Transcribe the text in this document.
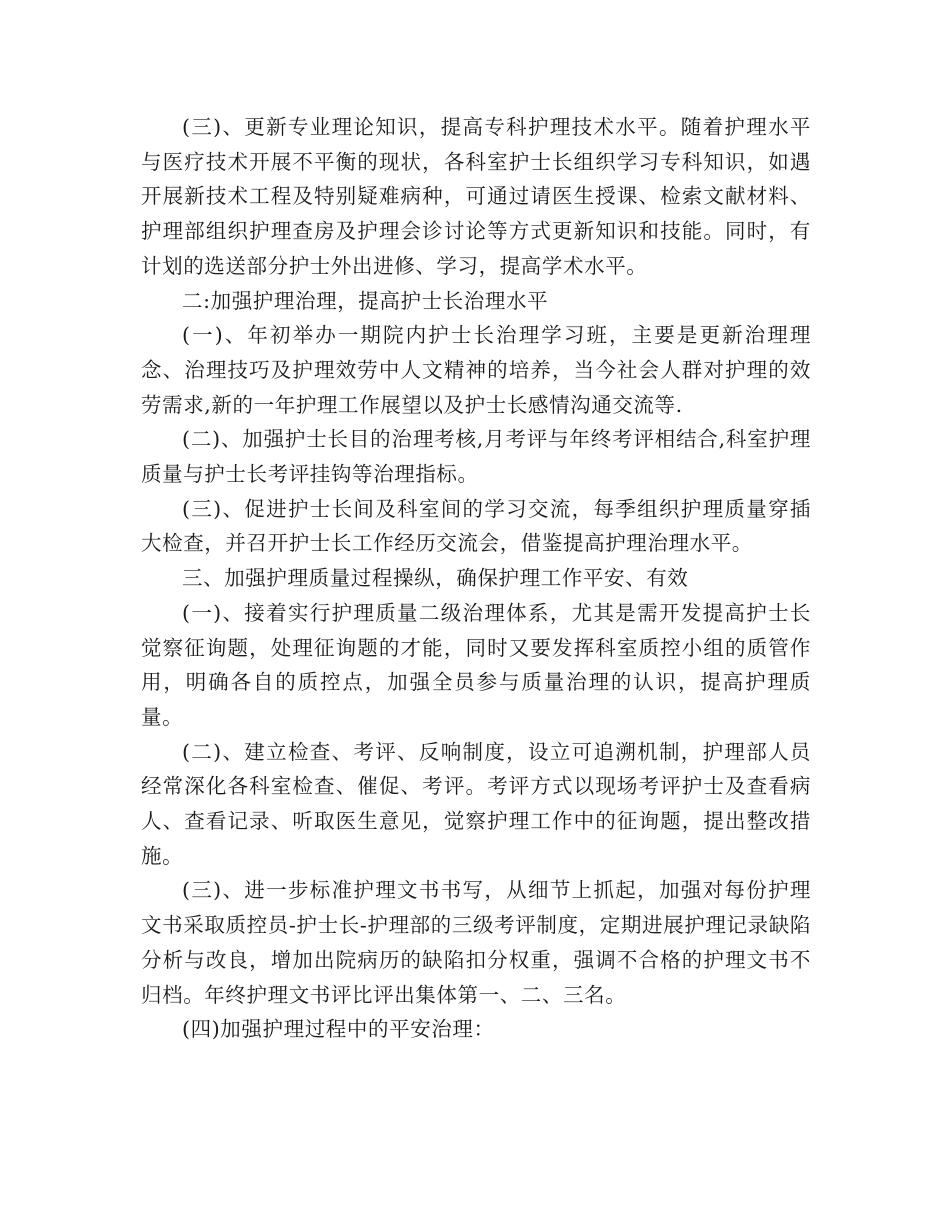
(三)、更新专业理论知识，提高专科护理技术水平。随着护理水平与医疗技术开展不平衡的现状，各科室护士长组织学习专科知识，如遇开展新技术工程及特别疑难病种，可通过请医生授课、检索文献材料、护理部组织护理查房及护理会诊讨论等方式更新知识和技能。同时，有计划的选送部分护士外出进修、学习，提高学术水平。

二:加强护理治理，提高护士长治理水平

(一)、年初举办一期院内护士长治理学习班，主要是更新治理理念、治理技巧及护理效劳中人文精神的培养，当今社会人群对护理的效劳需求,新的一年护理工作展望以及护士长感情沟通交流等.

(二)、加强护士长目的治理考核,月考评与年终考评相结合,科室护理质量与护士长考评挂钩等治理指标。

(三)、促进护士长间及科室间的学习交流，每季组织护理质量穿插大检查，并召开护士长工作经历交流会，借鉴提高护理治理水平。

三、加强护理质量过程操纵，确保护理工作平安、有效

(一)、接着实行护理质量二级治理体系，尤其是需开发提高护士长觉察征询题，处理征询题的才能，同时又要发挥科室质控小组的质管作用，明确各自的质控点，加强全员参与质量治理的认识，提高护理质量。

(二)、建立检查、考评、反响制度，设立可追溯机制，护理部人员经常深化各科室检查、催促、考评。考评方式以现场考评护士及查看病人、查看记录、听取医生意见，觉察护理工作中的征询题，提出整改措施。

(三)、进一步标准护理文书书写，从细节上抓起，加强对每份护理文书采取质控员-护士长-护理部的三级考评制度，定期进展护理记录缺陷分析与改良，增加出院病历的缺陷扣分权重，强调不合格的护理文书不归档。年终护理文书评比评出集体第一、二、三名。

(四)加强护理过程中的平安治理：
